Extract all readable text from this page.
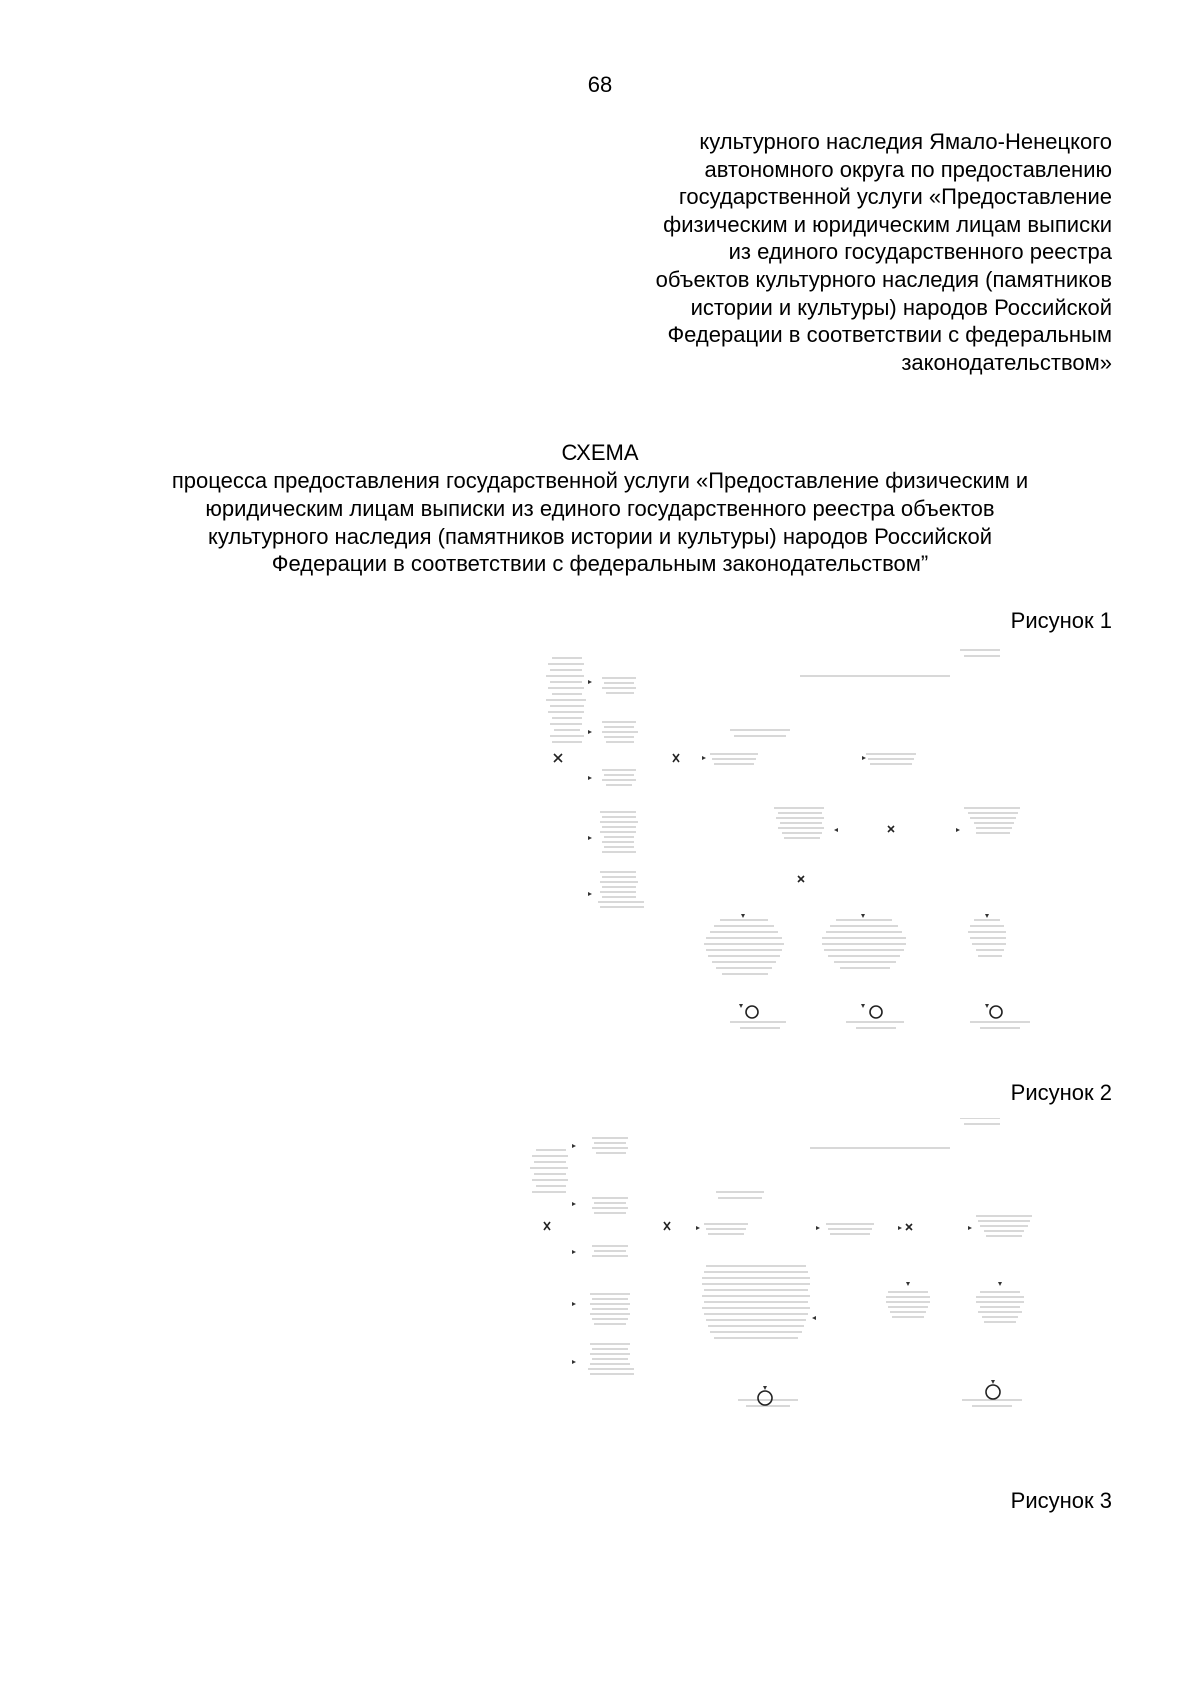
68
культурного наследия Ямало-Ненецкого
автономного округа по предоставлению
государственной услуги «Предоставление
физическим и юридическим лицам выписки
из единого государственного реестра
объектов культурного наследия (памятников
истории и культуры) народов Российской
Федерации в соответствии с федеральным
законодательством»
СХЕМА
процесса предоставления государственной услуги «Предоставление физическим и
юридическим лицам выписки из единого государственного реестра объектов
культурного наследия (памятников истории и культуры) народов Российской
Федерации в соответствии с федеральным законодательством”
Рисунок 1
Рисунок 2
Рисунок 3
